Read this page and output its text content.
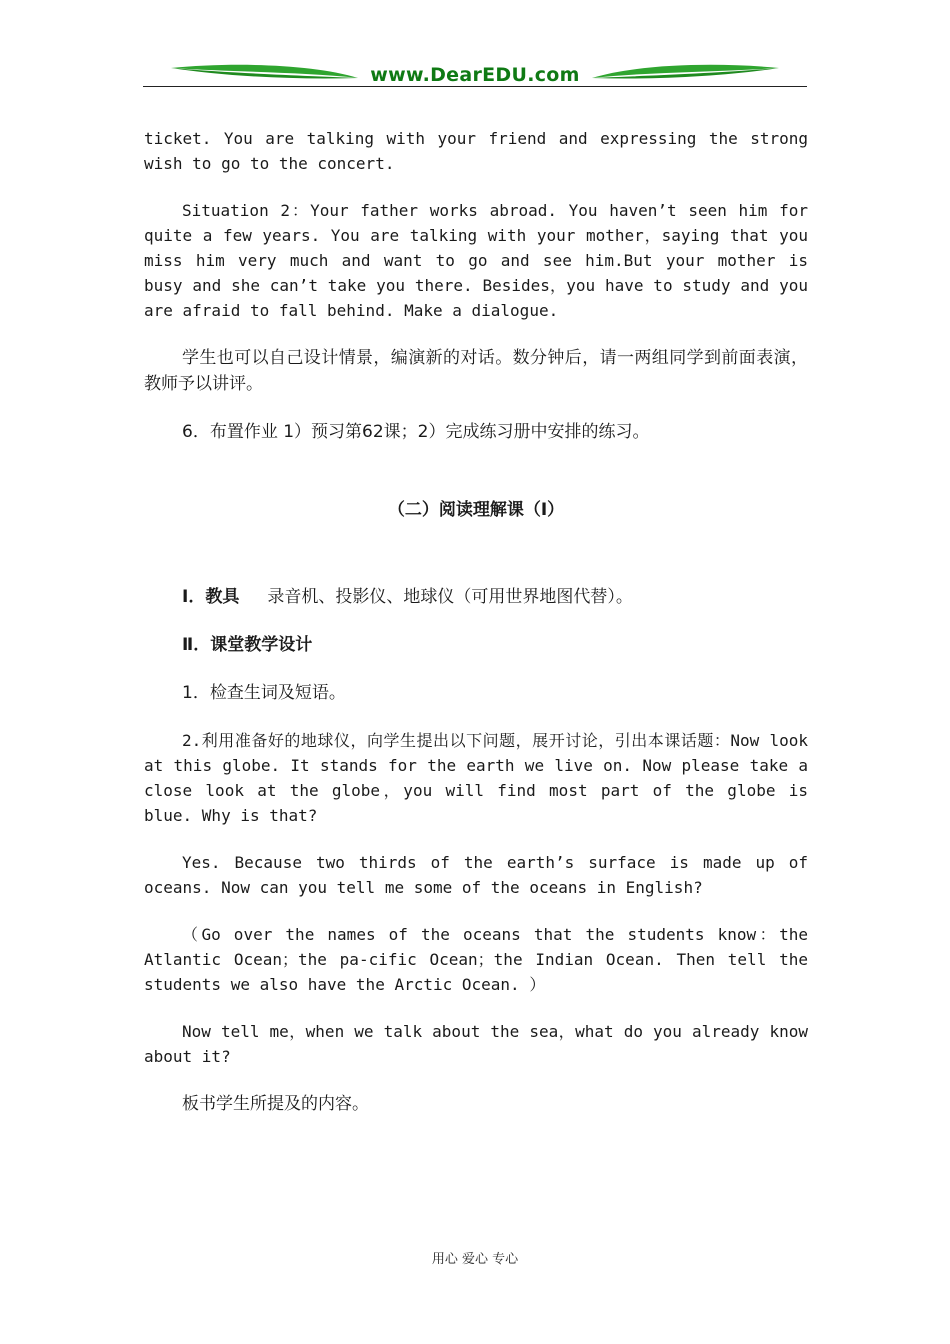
www.DearEDU.com

ticket. You are talking with your friend and expressing the strong wish to go to the concert.

Situation 2：Your father works abroad. You haven’t seen him for quite a few years. You are talking with your mother，saying that you miss him very much and want to go and see him.But your mother is busy and she can’t take you there. Besides，you have to study and you are afraid to fall behind. Make a dialogue.

学生也可以自己设计情景，编演新的对话。数分钟后，请一两组同学到前面表演，教师予以讲评。

6．布置作业 1）预习第62课；2）完成练习册中安排的练习。

（二）阅读理解课（Ⅰ）

Ⅰ．教具 录音机、投影仪、地球仪（可用世界地图代替）。

Ⅱ．课堂教学设计

1．检查生词及短语。

2.利用准备好的地球仪，向学生提出以下问题，展开讨论，引出本课话题：Now look at this globe. It stands for the earth we live on. Now please take a close look at the globe，you will find most part of the globe is blue. Why is that?

Yes. Because two thirds of the earth’s surface is made up of oceans. Now can you tell me some of the oceans in English?

（Go over the names of the oceans that the students know：the Atlantic Ocean；the pa-cific Ocean；the Indian Ocean. Then tell the students we also have the Arctic Ocean. ）

Now tell me，when we talk about the sea，what do you already know about it?

板书学生所提及的内容。

用心 爱心 专心
